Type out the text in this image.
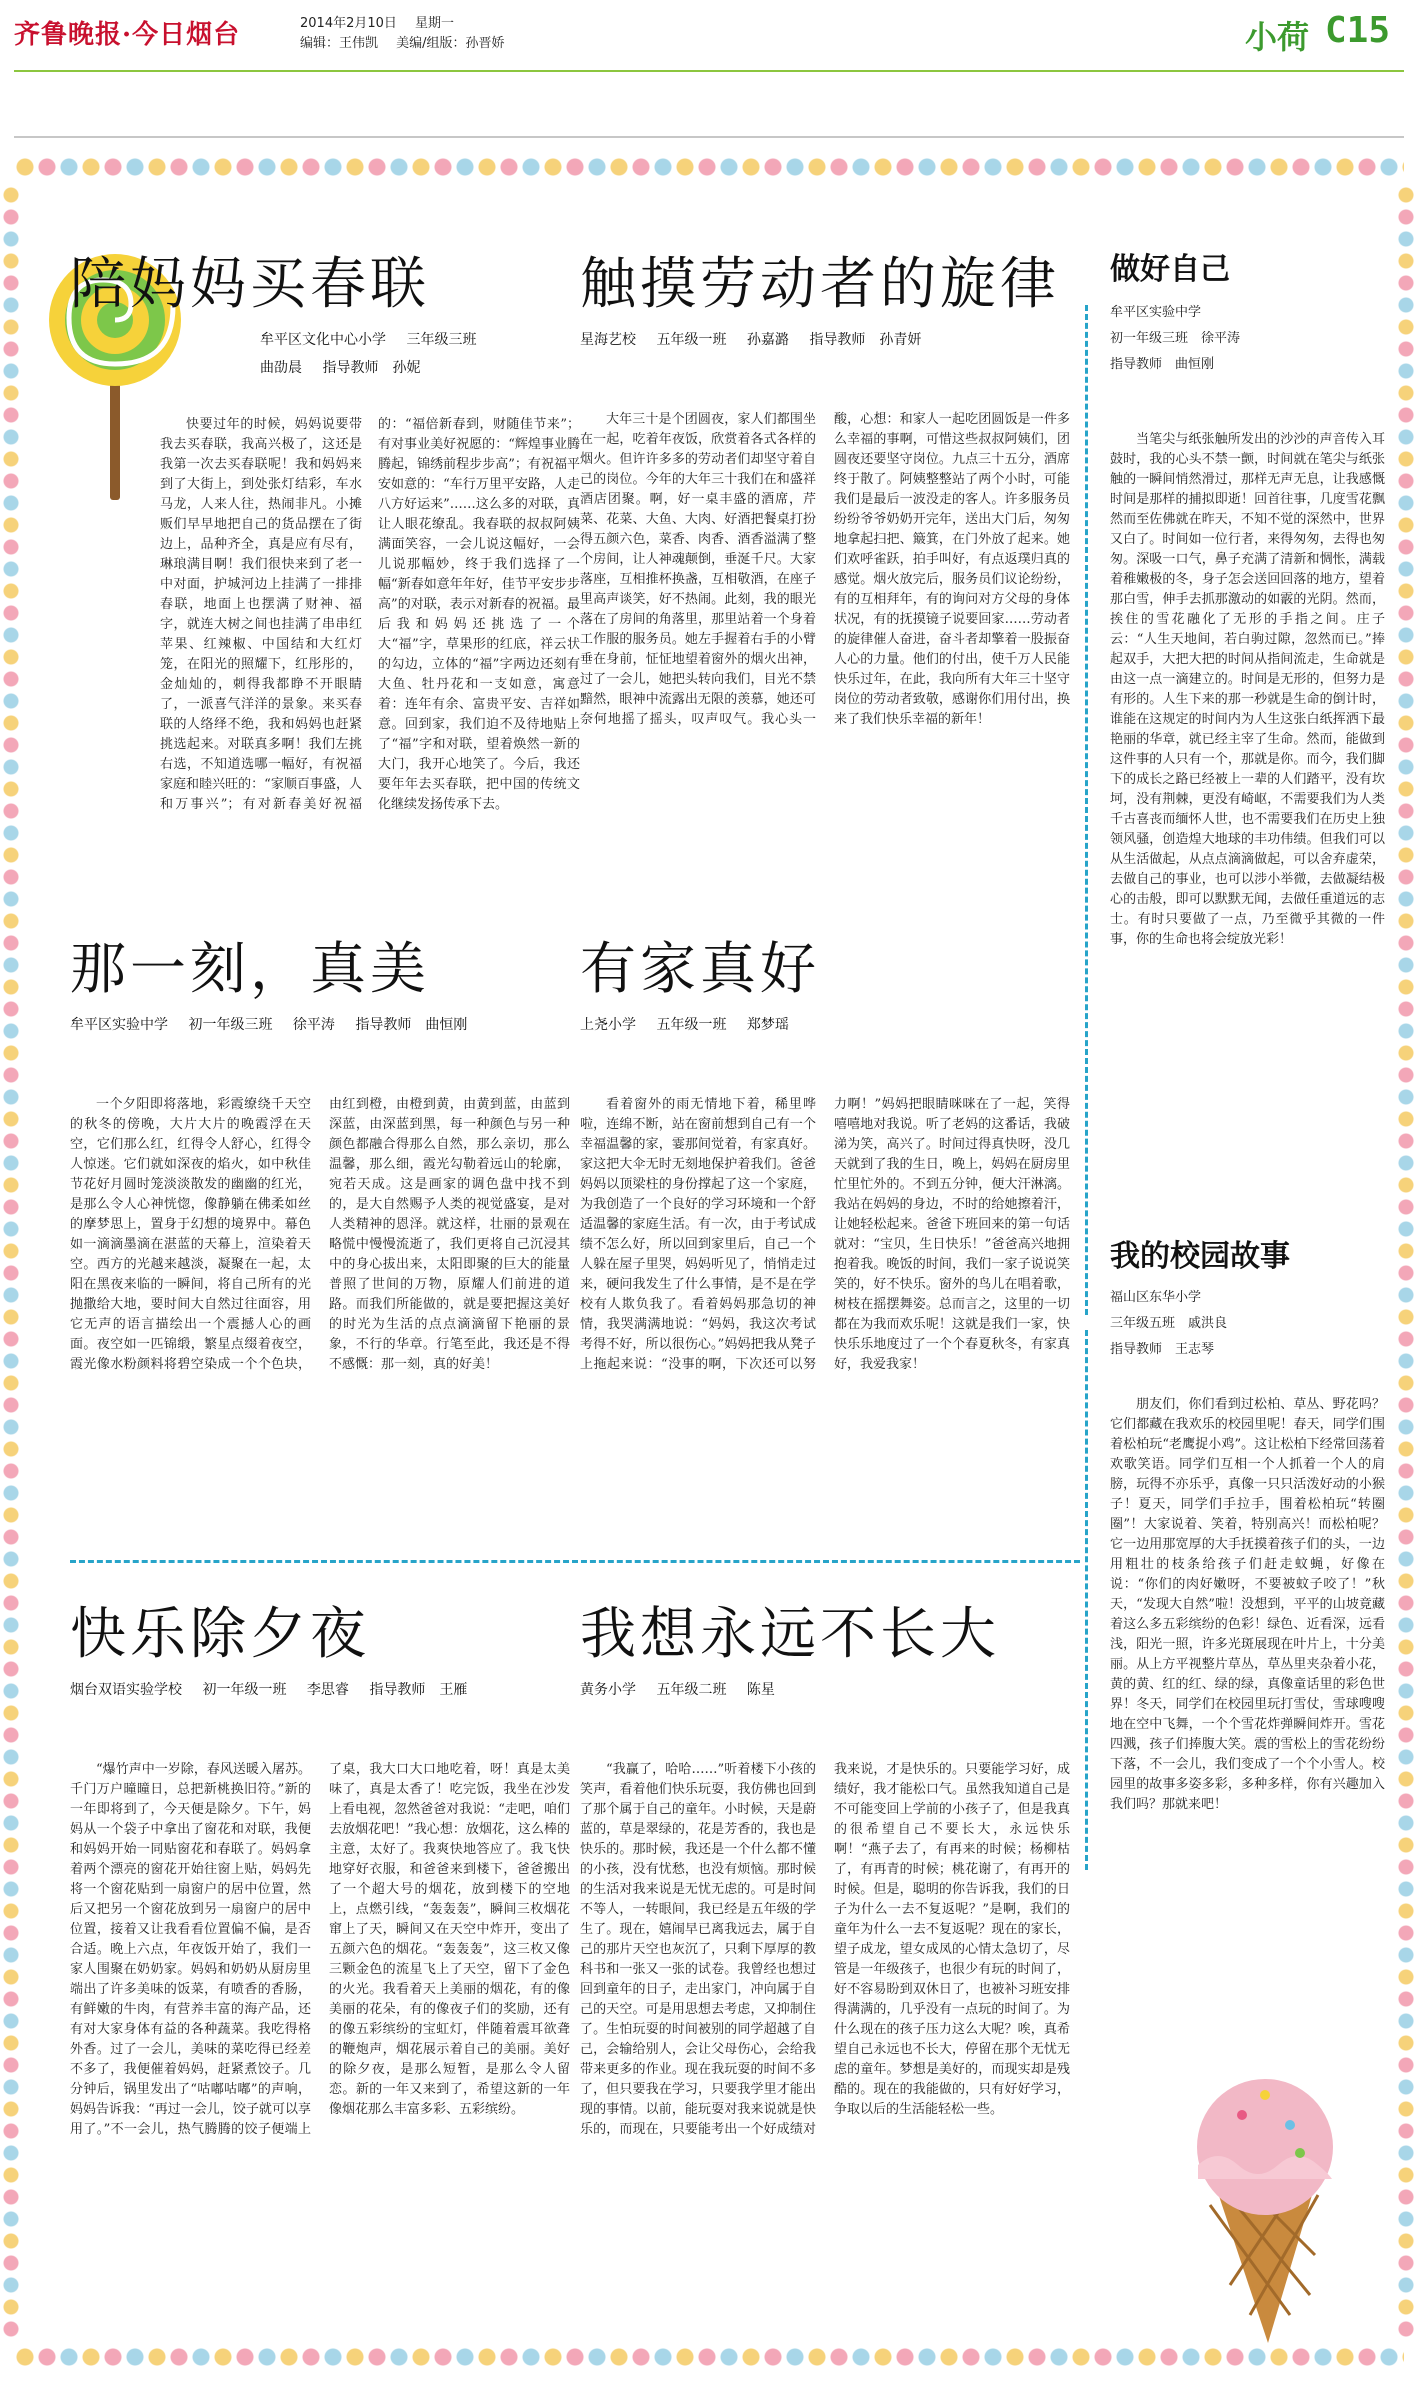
齐鲁晚报·今日烟台	2014年2月10日 星期一
编辑：王伟凯 美编/组版：孙晋娇	小荷 C15
陪妈妈买春联
牟平区文化中心小学 三年级三班
曲劭晨 指导教师　孙妮

快要过年的时候，妈妈说要带我去买春联，我高兴极了，这还是我第一次去买春联呢！我和妈妈来到了大街上，到处张灯结彩，车水马龙，人来人往，热闹非凡。小摊贩们早早地把自己的货品摆在了街边上，品种齐全，真是应有尽有，琳琅满目啊！我们很快来到了老一中对面，护城河边上挂满了一排排春联，地面上也摆满了财神、福字，就连大树之间也挂满了串串红苹果、红辣椒、中国结和大红灯笼，在阳光的照耀下，红彤彤的，金灿灿的，刺得我都睁不开眼睛了，一派喜气洋洋的景象。来买春联的人络绎不绝，我和妈妈也赶紧挑选起来。对联真多啊！我们左挑右选，不知道选哪一幅好，有祝福家庭和睦兴旺的：“家顺百事盛，人和万事兴”；有对新春美好祝福的：“福倍新春到，财随佳节来”；有对事业美好祝愿的：“辉煌事业腾腾起，锦绣前程步步高”；有祝福平安如意的：“车行万里平安路，人走八方好运来”……这么多的对联，真让人眼花缭乱。我春联的叔叔阿姨满面笑容，一会儿说这幅好，一会儿说那幅妙，终于我们选择了一幅“新春如意年年好，佳节平安步步高”的对联，表示对新春的祝福。最后我和妈妈还挑选了一个大“福”字，草果形的红底，祥云状的勾边，立体的“福”字两边还刻有大鱼、牡丹花和一支如意，寓意着：连年有余、富贵平安、吉祥如意。回到家，我们迫不及待地贴上了“福”字和对联，望着焕然一新的大门，我开心地笑了。今后，我还要年年去买春联，把中国的传统文化继续发扬传承下去。

触摸劳动者的旋律
星海艺校 五年级一班 孙嘉潞 指导教师　孙青妍

大年三十是个团圆夜，家人们都围坐在一起，吃着年夜饭，欣赏着各式各样的烟火。但许许多多的劳动者们却坚守着自己的岗位。今年的大年三十我们在和盛祥酒店团聚。啊，好一桌丰盛的酒席，芹菜、花菜、大鱼、大肉、好酒把餐桌打扮得五颜六色，菜香、肉香、酒香溢满了整个房间，让人神魂颠倒，垂涎千尺。大家落座，互相推杯换盏，互相敬酒，在座子里高声谈笑，好不热闹。此刻，我的眼光落在了房间的角落里，那里站着一个身着工作服的服务员。她左手握着右手的小臂垂在身前，怔怔地望着窗外的烟火出神，过了一会儿，她把头转向我们，目光不禁黯然，眼神中流露出无限的羡慕，她还可奈何地摇了摇头，叹声叹气。我心头一酸，心想：和家人一起吃团圆饭是一件多么幸福的事啊，可惜这些叔叔阿姨们，团圆夜还要坚守岗位。九点三十五分，酒席终于散了。阿姨整整站了两个小时，可能我们是最后一波没走的客人。许多服务员纷纷爷爷奶奶开完年，送出大门后，匆匆地拿起扫把、簸箕，在门外放了起来。她们欢呼雀跃，拍手叫好，有点返璞归真的感觉。烟火放完后，服务员们议论纷纷，有的互相拜年，有的询问对方父母的身体状况，有的抚摸镜子说要回家……劳动者的旋律催人奋进，奋斗者却擎着一股振奋人心的力量。他们的付出，使千万人民能快乐过年，在此，我向所有大年三十坚守岗位的劳动者致敬，感谢你们用付出，换来了我们快乐幸福的新年！

做好自己
牟平区实验中学
初一年级三班　 徐平涛
指导教师　曲恒刚

当笔尖与纸张触所发出的沙沙的声音传入耳鼓时，我的心头不禁一颤，时间就在笔尖与纸张触的一瞬间悄然滑过，那样无声无息，让我感慨时间是那样的捕拟即逝！回首往事，几度雪花飘然而至佐佛就在昨天，不知不觉的深然中，世界又白了。时间如一位行者，来得匆匆，去得也匆匆。深吸一口气，鼻子充满了清新和惆怅，满载着稚嫩极的冬，身子怎会送回回落的地方，望着那白雪，伸手去抓那激动的如霰的光阴。然而，挨住的雪花融化了无形的手指之间。庄子云：“人生天地间，若白驹过隙，忽然而已。”捧起双手，大把大把的时间从指间流走，生命就是由这一点一滴建立的。时间是无形的，但努力是有形的。人生下来的那一秒就是生命的倒计时，谁能在这规定的时间内为人生这张白纸挥洒下最艳丽的华章，就已经主宰了生命。然而，能做到这件事的人只有一个，那就是你。而今，我们脚下的成长之路已经被上一辈的人们踏平，没有坎坷，没有荆棘，更没有崎岖，不需要我们为人类千古喜丧而缅怀人世，也不需要我们在历史上独领风骚，创造煌大地球的丰功伟绩。但我们可以从生活做起，从点点滴滴做起，可以舍弃虚荣，去做自己的事业，也可以涉小举微，去做凝结极心的击般，即可以默默无闻，去做任重道远的志士。有时只要做了一点，乃至微乎其微的一件事，你的生命也将会绽放光彩！

那一刻，真美
牟平区实验中学 初一年级三班 徐平涛 指导教师　曲恒刚

一个夕阳即将落地，彩霞缭绕千天空的秋冬的傍晚，大片大片的晚霞浮在天空，它们那么红，红得令人舒心，红得令人惊迷。它们就如深夜的焰火，如中秋佳节花好月圆时笼淡淡散发的幽幽的红光，是那么令人心神恍惚，像静躺在佛柔如丝的摩梦思上，置身于幻想的境界中。幕色如一滴滴墨滴在湛蓝的天幕上，渲染着天空。西方的光越来越淡，凝聚在一起，太阳在黑夜来临的一瞬间，将自己所有的光抛撒给大地，要时间大自然过往面容，用它无声的语言描绘出一个震撼人心的画面。夜空如一匹锦缎，繁星点缀着夜空，霞光像水粉颜料将碧空染成一个个色块，由红到橙，由橙到黄，由黄到蓝，由蓝到深蓝，由深蓝到黑，每一种颜色与另一种颜色都融合得那么自然，那么亲切，那么温馨，那么细，霞光勾勒着远山的轮廓，宛若天成。这是画家的调色盘中找不到的，是大自然赐予人类的视觉盛宴，是对人类精神的恩泽。就这样，壮丽的景观在略慌中慢慢流逝了，我们更将自己沉浸其中的身心拔出来，太阳即聚的巨大的能量普照了世间的万物，原耀人们前进的道路。而我们所能做的，就是要把握这美好的时光为生活的点点滴滴留下艳丽的景象，不行的华章。行笔至此，我还是不得不感慨：那一刻，真的好美！

有家真好
上尧小学 五年级一班 郑梦瑶

看着窗外的雨无情地下着，稀里哗啦，连绵不断，站在窗前想到自己有一个幸福温馨的家，霎那间觉着，有家真好。家这把大伞无时无刻地保护着我们。爸爸妈妈以顶梁柱的身份撑起了这一个家庭，为我创造了一个良好的学习环境和一个舒适温馨的家庭生活。有一次，由于考试成绩不怎么好，所以回到家里后，自己一个人躲在屋子里哭，妈妈听见了，悄悄走过来，硬问我发生了什么事情，是不是在学校有人欺负我了。看着妈妈那急切的神情，我哭满满地说：“妈妈，我这次考试考得不好，所以很伤心。”妈妈把我从凳子上拖起来说：“没事的啊，下次还可以努力啊！”妈妈把眼睛咪咪在了一起，笑得嘻嘻地对我说。听了老妈的这番话，我破涕为笑，高兴了。时间过得真快呀，没几天就到了我的生日，晚上，妈妈在厨房里忙里忙外的。不到五分钟，便大汗淋漓。我站在妈妈的身边，不时的给她擦着汗，让她轻松起来。爸爸下班回来的第一句话就对：“宝贝，生日快乐！”爸爸高兴地拥抱着我。晚饭的时间，我们一家子说说笑笑的，好不快乐。窗外的鸟儿在唱着歌，树枝在摇摆舞姿。总而言之，这里的一切都在为我而欢乐呢！这就是我们一家，快快乐乐地度过了一个个春夏秋冬，有家真好，我爱我家！

我的校园故事
福山区东华小学
三年级五班　 戚洪良
指导教师　王志琴

朋友们，你们看到过松柏、草丛、野花吗？它们都藏在我欢乐的校园里呢！春天，同学们围着松柏玩“老鹰捉小鸡”。这让松柏下经常回荡着欢歌笑语。同学们互相一个人抓着一个人的肩膀，玩得不亦乐乎，真像一只只活泼好动的小猴子！夏天，同学们手拉手，围着松柏玩“转圈圈”！大家说着、笑着，特别高兴！而松柏呢？它一边用那宽厚的大手抚摸着孩子们的头，一边用粗壮的枝条给孩子们赶走蚊蝇，好像在说：“你们的肉好嫩呀，不要被蚊子咬了！”秋天，“发现大自然”啦！没想到，平平的山坡竟藏着这么多五彩缤纷的色彩！绿色、近看深，远看浅，阳光一照，许多光斑展现在叶片上，十分美丽。从上方平视整片草丛，草丛里夹杂着小花，黄的黄、红的红、绿的绿，真像童话里的彩色世界！冬天，同学们在校园里玩打雪仗，雪球嗖嗖地在空中飞舞，一个个雪花炸弹瞬间炸开。雪花四溅，孩子们捧腹大笑。震的雪松上的雪花纷纷下落，不一会儿，我们变成了一个个小雪人。校园里的故事多姿多彩，多种多样，你有兴趣加入我们吗？那就来吧！

快乐除夕夜
烟台双语实验学校 初一年级一班 李思睿 指导教师　王雁

“爆竹声中一岁除，春风送暖入屠苏。千门万户曈曈日，总把新桃换旧符。”新的一年即将到了，今天便是除夕。下午，妈妈从一个袋子中拿出了窗花和对联，我便和妈妈开始一同贴窗花和春联了。妈妈拿着两个漂亮的窗花开始往窗上贴，妈妈先将一个窗花贴到一扇窗户的居中位置，然后又把另一个窗花放到另一扇窗户的居中位置，接着又让我看看位置偏不偏，是否合适。晚上六点，年夜饭开始了，我们一家人围聚在奶奶家。妈妈和奶奶从厨房里端出了许多美味的饭菜，有喷香的香肠，有鲜嫩的牛肉，有营养丰富的海产品，还有对大家身体有益的各种蔬菜。我吃得格外香。过了一会儿，美味的菜吃得已经差不多了，我便催着妈妈，赶紧煮饺子。几分钟后，锅里发出了“咕嘟咕嘟”的声响，妈妈告诉我：“再过一会儿，饺子就可以享用了。”不一会儿，热气腾腾的饺子便端上了桌，我大口大口地吃着，呀！真是太美味了，真是太香了！吃完饭，我坐在沙发上看电视，忽然爸爸对我说：“走吧，咱们去放烟花吧！”我心想：放烟花，这么棒的主意，太好了。我爽快地答应了。我飞快地穿好衣服，和爸爸来到楼下，爸爸搬出了一个超大号的烟花，放到楼下的空地上，点燃引线，“轰轰轰”，瞬间三枚烟花窜上了天，瞬间又在天空中炸开，变出了五颜六色的烟花。“轰轰轰”，这三枚又像三颗金色的流星飞上了天空，留下了金色的火光。我看着天上美丽的烟花，有的像美丽的花朵，有的像夜子们的奖励，还有的像五彩缤纷的宝虹灯，伴随着震耳欲聋的鞭炮声，烟花展示着自己的美丽。美好的除夕夜，是那么短暂，是那么令人留恋。新的一年又来到了，希望这新的一年像烟花那么丰富多彩、五彩缤纷。

我想永远不长大
黄务小学 五年级二班 陈星

“我赢了，哈哈……”听着楼下小孩的笑声，看着他们快乐玩耍，我仿佛也回到了那个属于自己的童年。小时候，天是蔚蓝的，草是翠绿的，花是芳香的，我也是快乐的。那时候，我还是一个什么都不懂的小孩，没有忧愁，也没有烦恼。那时候的生活对我来说是无忧无虑的。可是时间不等人，一转眼间，我已经是五年级的学生了。现在，嬉闹早已离我远去，属于自己的那片天空也灰沉了，只剩下厚厚的教科书和一张又一张的试卷。我曾经也想过回到童年的日子，走出家门，冲向属于自己的天空。可是用思想去考虑，又抑制住了。生怕玩耍的时间被别的同学超越了自己，会输给别人，会让父母伤心，会给我带来更多的作业。现在我玩耍的时间不多了，但只要我在学习，只要我学里才能出现的事情。以前，能玩耍对我来说就是快乐的，而现在，只要能考出一个好成绩对我来说，才是快乐的。只要能学习好，成绩好，我才能松口气。虽然我知道自己是不可能变回上学前的小孩子了，但是我真的很希望自己不要长大，永远快乐啊！“燕子去了，有再来的时候；杨柳枯了，有再青的时候；桃花谢了，有再开的时候。但是，聪明的你告诉我，我们的日子为什么一去不复返呢？”是啊，我们的童年为什么一去不复返呢？现在的家长，望子成龙，望女成凤的心情太急切了，尽管是一年级孩子，也很少有玩的时间了，好不容易盼到双休日了，也被补习班安排得满满的，几乎没有一点玩的时间了。为什么现在的孩子压力这么大呢？唉，真希望自己永远也不长大，停留在那个无忧无虑的童年。梦想是美好的，而现实却是残酷的。现在的我能做的，只有好好学习，争取以后的生活能轻松一些。
